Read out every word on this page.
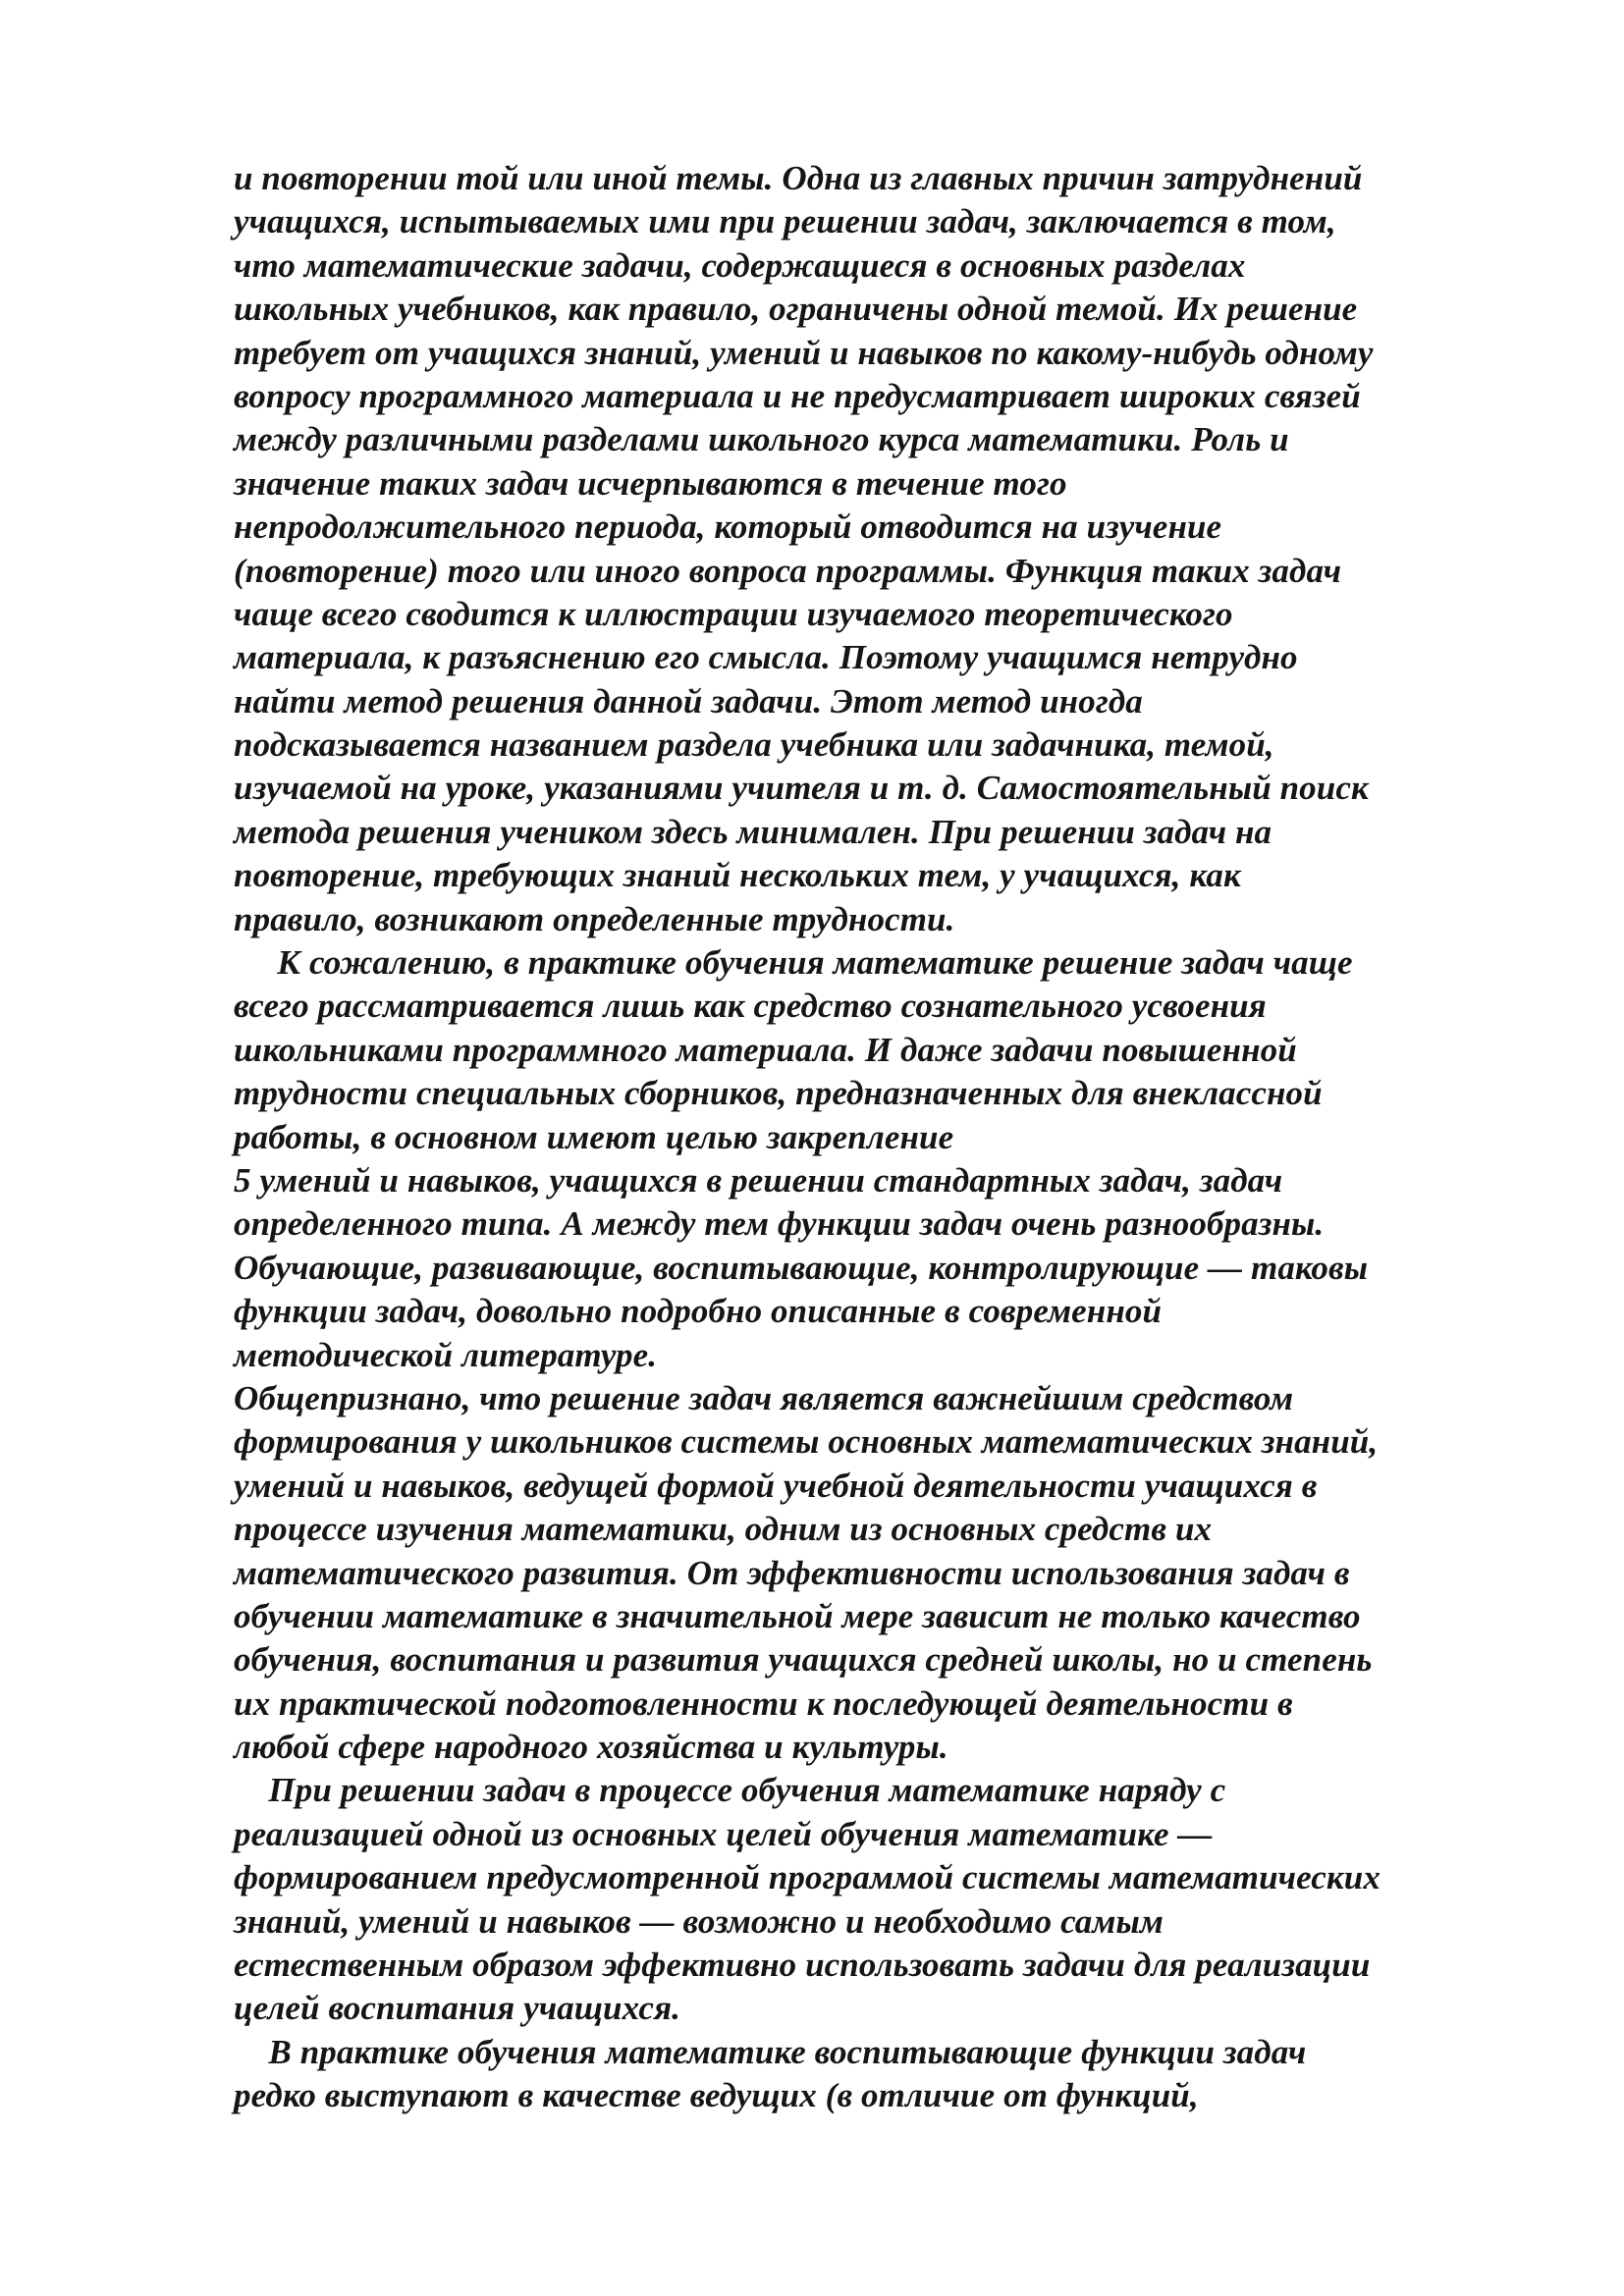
и повторении той или иной темы. Одна из главных причин затруднений
учащихся, испытываемых ими при решении задач, заключается в том,
что математические задачи, содержащиеся в основных разделах
школьных учебников, как правило, ограничены одной темой. Их решение
требует от учащихся знаний, умений и навыков по какому-нибудь одному
вопросу программного материала и не предусматривает широких связей
между различными разделами школьного курса математики. Роль и
значение таких задач исчерпываются в течение того
непродолжительного периода, который отводится на изучение
(повторение) того или иного вопроса программы. Функция таких задач
чаще всего сводится к иллюстрации изучаемого теоретического
материала, к разъяснению его смысла. Поэтому учащимся нетрудно
найти метод решения данной задачи. Этот метод иногда
подсказывается названием раздела учебника или задачника, темой,
изучаемой на уроке, указаниями учителя и т. д. Самостоятельный поиск
метода решения учеником здесь минимален. При решении задач на
повторение, требующих знаний нескольких тем, у учащихся, как
правило, возникают определенные трудности.
К сожалению, в практике обучения математике решение задач чаще
всего рассматривается лишь как средство сознательного усвоения
школьниками программного материала. И даже задачи повышенной
трудности специальных сборников, предназначенных для внеклассной
работы, в основном имеют целью закрепление
5 умений и навыков, учащихся в решении стандартных задач, задач
определенного типа. А между тем функции задач очень разнообразны.
Обучающие, развивающие, воспитывающие, контролирующие — таковы
функции задач, довольно подробно описанные в современной
методической литературе.
Общепризнано, что решение задач является важнейшим средством
формирования у школьников системы основных математических знаний,
умений и навыков, ведущей формой учебной деятельности учащихся в
процессе изучения математики, одним из основных средств их
математического развития. От эффективности использования задач в
обучении математике в значительной мере зависит не только качество
обучения, воспитания и развития учащихся средней школы, но и степень
их практической подготовленности к последующей деятельности в
любой сфере народного хозяйства и культуры.
При решении задач в процессе обучения математике наряду с
реализацией одной из основных целей обучения математике —
формированием предусмотренной программой системы математических
знаний, умений и навыков — возможно и необходимо самым
естественным образом эффективно использовать задачи для реализации
целей воспитания учащихся.
В практике обучения математике воспитывающие функции задач
редко выступают в качестве ведущих (в отличие от функций,
